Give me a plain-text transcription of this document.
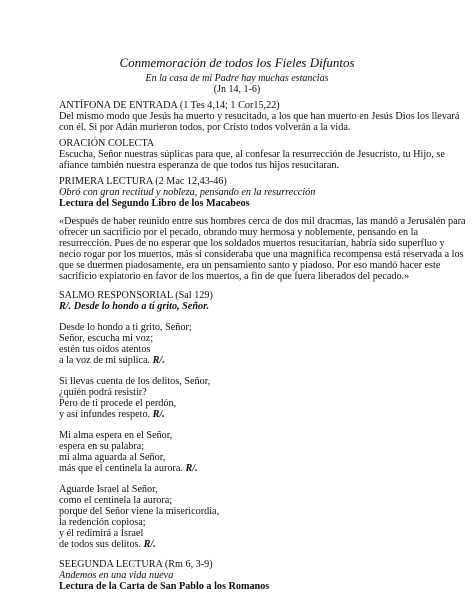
Conmemoración de todos los Fieles Difuntos
En la casa de mi Padre hay muchas estancias
(Jn 14, 1-6)
ANTÍFONA DE ENTRADA (1 Tes 4,14; 1 Cor15,22)
Del mismo modo que Jesús ha muerto y resucitado, a los que han muerto en Jesús Dios los llevará
con él. Si por Adán murieron todos, por Cristo todos volverán a la vida.
ORACIÓN COLECTA
Escucha, Señor nuestras súplicas para que, al confesar la resurrección de Jesucristo, tu Hijo, se
afiance también nuestra esperanza de que todos tus hijos resucitaran.
PRIMERA LECTURA (2 Mac 12,43-46)
Obró con gran rectitud y nobleza, pensando en la resurrección
Lectura del Segundo Libro de los Macabeos
«Después de haber reunido entre sus hombres cerca de dos mil dracmas, las mandó a Jerusalén para
ofrecer un sacrificio por el pecado, obrando muy hermosa y noblemente, pensando en la
resurrección. Pues de no esperar que los soldados muertos resucitarían, habría sido superfluo y
necio rogar por los muertos, más si consideraba que una magnífica recompensa está reservada a los
que se duermen piadosamente, era un pensamiento santo y piadoso. Por eso mandó hacer este
sacrificio expiatorio en favor de los muertos, a fin de que fuera liberados del pecado.»
SALMO RESPONSORIAL (Sal 129)
R/. Desde lo hondo a ti grito, Señor.
Desde lo hondo a ti grito, Señor;
Señor, escucha mi voz;
estén tus oídos atentos
a la voz de mi súplica. R/.
Si llevas cuenta de los delitos, Señor,
¿quién podrá resistir?
Pero de ti procede el perdón,
y así infundes respeto. R/.
Mi alma espera en el Señor,
espera en su palabra;
mi alma aguarda al Señor,
más que el centinela la aurora. R/.
Aguarde Israel al Señor,
como el centinela la aurora;
porque del Señor viene la misericordia,
la redención copiosa;
y él redimirá a Israel
de todos sus delitos. R/.
SEEGUNDA LECTURA (Rm 6, 3-9)
Andemos en una vida nueva
Lectura de la Carta de San Pablo a los Romanos
